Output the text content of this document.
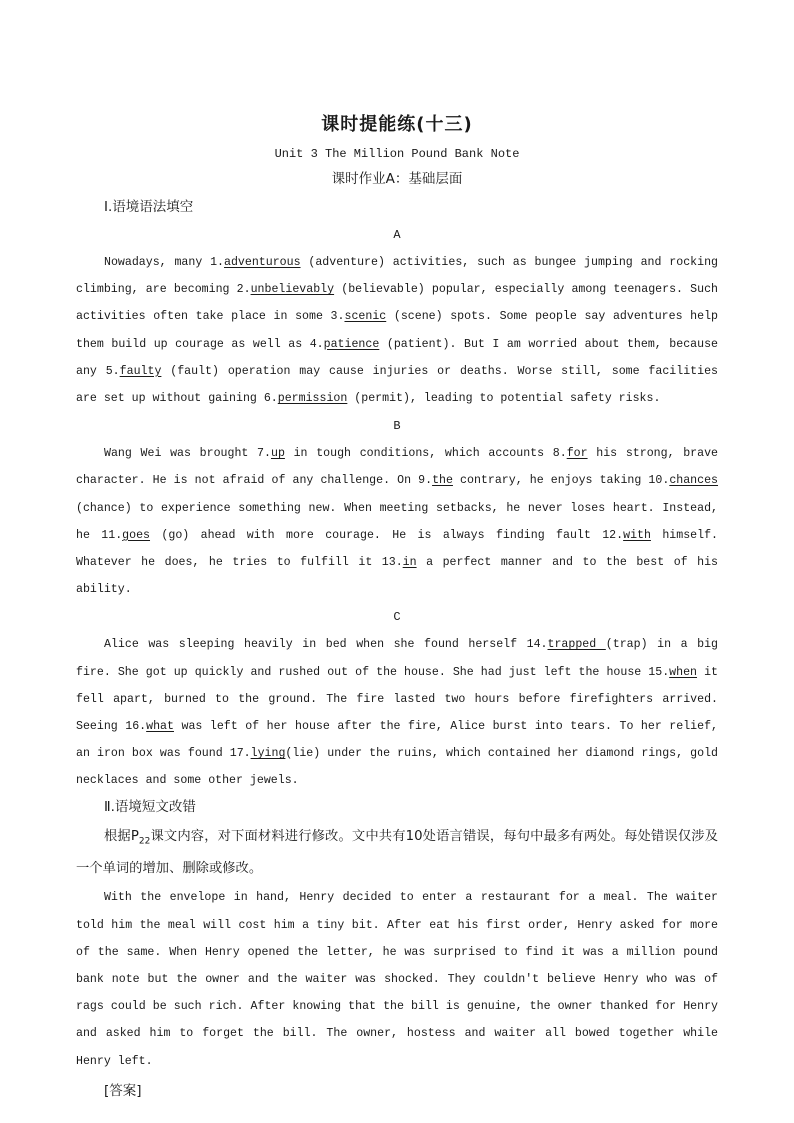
课时提能练(十三)
Unit 3 The Million Pound Bank Note
课时作业A：基础层面
Ⅰ.语境语法填空
A

Nowadays, many 1.adventurous (adventure) activities, such as bungee jumping and rocking climbing, are becoming 2.unbelievably (believable) popular, especially among teenagers. Such activities often take place in some 3.scenic (scene) spots. Some people say adventures help them build up courage as well as 4.patience (patient). But I am worried about them, because any 5.faulty (fault) operation may cause injuries or deaths. Worse still, some facilities are set up without gaining 6.permission (permit), leading to potential safety risks.

B

Wang Wei was brought 7.up in tough conditions, which accounts 8.for his strong, brave character. He is not afraid of any challenge. On 9.the contrary, he enjoys taking 10.chances (chance) to experience something new. When meeting setbacks, he never loses heart. Instead, he 11.goes (go) ahead with more courage. He is always finding fault 12.with himself. Whatever he does, he tries to fulfill it 13.in a perfect manner and to the best of his ability.

C

Alice was sleeping heavily in bed when she found herself 14.trapped (trap) in a big fire. She got up quickly and rushed out of the house. She had just left the house 15.when it fell apart, burned to the ground. The fire lasted two hours before firefighters arrived. Seeing 16.what was left of her house after the fire, Alice burst into tears. To her relief, an iron box was found 17.lying(lie) under the ruins, which contained her diamond rings, gold necklaces and some other jewels.

Ⅱ.语境短文改错

根据$P_{22}$课文内容，对下面材料进行修改。文中共有10处语言错误，每句中最多有两处。每处错误仅涉及一个单词的增加、删除或修改。

With the envelope in hand, Henry decided to enter a restaurant for a meal. The waiter told him the meal will cost him a tiny bit. After eat his first order, Henry asked for more of the same. When Henry opened the letter, he was surprised to find it was a million pound bank note but the owner and the waiter was shocked. They couldn't believe Henry who was of rags could be such rich. After knowing that the bill is genuine, the owner thanked for Henry and asked him to forget the bill. The owner, hostess and waiter all bowed together while Henry left.

[答案]
